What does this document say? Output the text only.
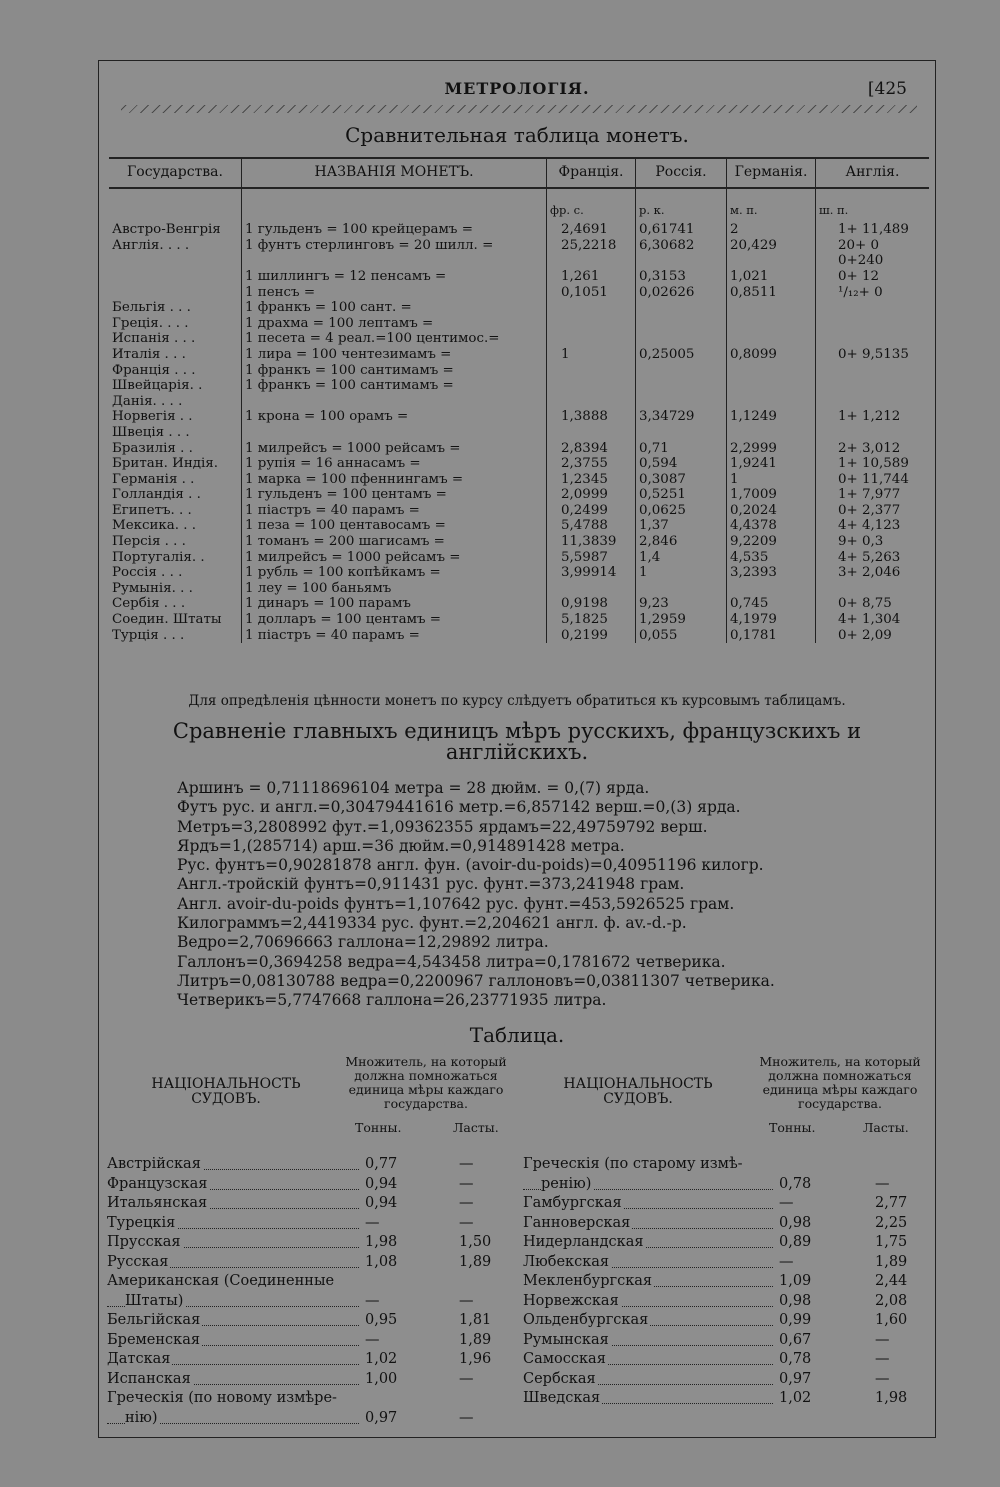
МЕТРОЛОГІЯ.	[425
Сравнительная таблица монетъ.
Государства.	НАЗВАНІЯ МОНЕТЪ.	Франція.	Россія.	Германія.	Англія.
		фр. с.	р. к.	м. п.	ш. п.
Австро-Венгрія	1 гульденъ = 100 крейцерамъ =	2,4691	0,61741	2	1+ 11,489
Англія. . . .	1 фунтъ стерлинговъ = 20 шилл. =	25,2218	6,30682	20,429	20+ 0
					0+240
	1 шиллингъ = 12 пенсамъ =	1,261	0,3153	1,021	0+ 12
	1 пенсъ =	0,1051	0,02626	0,8511	¹/₁₂+ 0
Бельгія . . .	1 франкъ = 100 сант. =				
Греція. . . .	1 драхма = 100 лептамъ =				
Испанія . . .	1 песета = 4 реал.=100 центимос.=				
Италія . . .	1 лира = 100 чентезимамъ =	1	0,25005	0,8099	0+ 9,5135
Франція . . .	1 франкъ = 100 сантимамъ =				
Швейцарія. .	1 франкъ = 100 сантимамъ =				
Данія. . . .					
Норвегія . .	1 крона = 100 орамъ =	1,3888	3,34729	1,1249	1+ 1,212
Швеція . . .					
Бразилія . .	1 милрейсъ = 1000 рейсамъ =	2,8394	0,71	2,2999	2+ 3,012
Британ. Индія.	1 рупія = 16 аннасамъ =	2,3755	0,594	1,9241	1+ 10,589
Германія . .	1 марка = 100 пфеннингамъ =	1,2345	0,3087	1	0+ 11,744
Голландія . .	1 гульденъ = 100 центамъ =	2,0999	0,5251	1,7009	1+ 7,977
Египетъ. . .	1 піастръ = 40 парамъ =	0,2499	0,0625	0,2024	0+ 2,377
Мексика. . .	1 пеза = 100 центавосамъ =	5,4788	1,37	4,4378	4+ 4,123
Персія . . .	1 томанъ = 200 шагисамъ =	11,3839	2,846	9,2209	9+ 0,3
Португалія. .	1 милрейсъ = 1000 рейсамъ =	5,5987	1,4	4,535	4+ 5,263
Россія . . .	1 рубль = 100 копѣйкамъ =	3,99914	1	3,2393	3+ 2,046
Румынія. . .	1 леу = 100 баньямъ				
Сербія . . .	1 динаръ = 100 парамъ	0,9198	9,23	0,745	0+ 8,75
Соедин. Штаты	1 долларъ = 100 центамъ =	5,1825	1,2959	4,1979	4+ 1,304
Турція . . .	1 піастръ = 40 парамъ =	0,2199	0,055	0,1781	0+ 2,09
Для опредѣленія цѣнности монетъ по курсу слѣдуетъ обратиться къ курсовымъ таблицамъ.
Сравненіе главныхъ единицъ мѣръ русскихъ, французскихъ и
англійскихъ.
Аршинъ = 0,71118696104 метра = 28 дюйм. = 0,(7) ярда.
Футъ рус. и англ.=0,30479441616 метр.=6,857142 верш.=0,(3) ярда.
Метръ=3,2808992 фут.=1,09362355 ярдамъ=22,49759792 верш.
Ярдъ=1,(285714) арш.=36 дюйм.=0,914891428 метра.
Рус. фунтъ=0,90281878 англ. фун. (avoir-du-poids)=0,40951196 килогр.
Англ.-тройскій фунтъ=0,911431 рус. фунт.=373,241948 грам.
Англ. avoir-du-poids фунтъ=1,107642 рус. фунт.=453,5926525 грам.
Килограммъ=2,4419334 рус. фунт.=2,204621 англ. ф. av.-d.-p.
Ведро=2,70696663 галлона=12,29892 литра.
Галлонъ=0,3694258 ведра=4,543458 литра=0,1781672 четверика.
Литръ=0,08130788 ведра=0,2200967 галлоновъ=0,03811307 четверика.
Четверикъ=5,7747668 галлона=26,23771935 литра.
Таблица.
НАЦІОНАЛЬНОСТЬ СУДОВЪ.
Множитель, на который должна помножаться единица мѣры каждаго государства.
Тонны.	Ласты.
Австрійская	0,77	—
Французская	0,94	—
Итальянская	0,94	—
Турецкія	—	—
Прусская	1,98	1,50
Русская	1,08	1,89
Американская (Соединенные
Штаты)	—	—
Бельгійская	0,95	1,81
Бременская	—	1,89
Датская	1,02	1,96
Испанская	1,00	—
Греческія (по новому измѣре-
нію)	0,97	—
НАЦІОНАЛЬНОСТЬ СУДОВЪ.
Множитель, на который должна помножаться единица мѣры каждаго государства.
Тонны.	Ласты.
Греческія (по старому измѣ-
ренію)	0,78	—
Гамбургская	—	2,77
Ганноверская	0,98	2,25
Нидерландская	0,89	1,75
Любекская	—	1,89
Мекленбургская	1,09	2,44
Норвежская	0,98	2,08
Ольденбургская	0,99	1,60
Румынская	0,67	—
Самосская	0,78	—
Сербская	0,97	—
Шведская	1,02	1,98
